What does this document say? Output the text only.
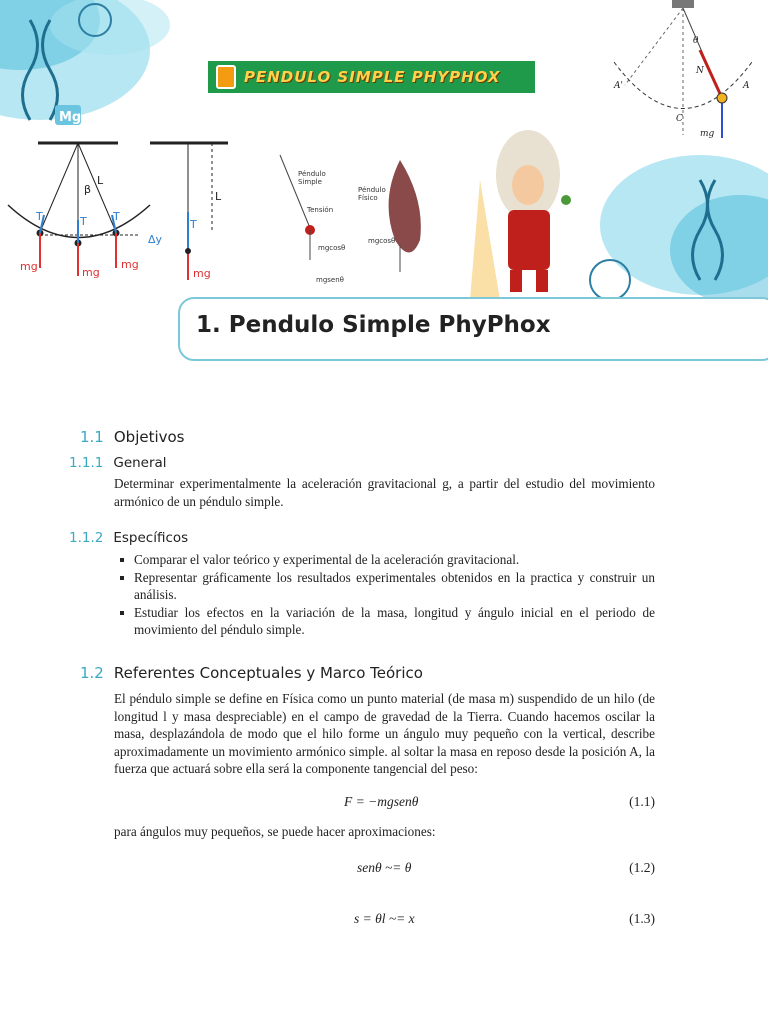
Mg
L
β
T	T T
mg	mg
mg
Δy
L
T
mg
Péndulo
Simple
Tensión
mgcosθ
mgsenθ
Péndulo
Físico
mgcosθ
N
A
A'
C
mg
θ
PENDULO SIMPLE PHYPHOX
1. Pendulo Simple PhyPhox
1.1 Objetivos
1.1.1 General
Determinar experimentalmente la aceleración gravitacional g, a partir del estudio del movimiento armónico de un péndulo simple.
1.1.2 Específicos
Comparar el valor teórico y experimental de la aceleración gravitacional.
Representar gráficamente los resultados experimentales obtenidos en la practica y construir un análisis.
Estudiar los efectos en la variación de la masa, longitud y ángulo inicial en el periodo de movimiento del péndulo simple.
1.2 Referentes Conceptuales y Marco Teórico
El péndulo simple se define en Física como un punto material (de masa m) suspendido de un hilo (de longitud l y masa despreciable) en el campo de gravedad de la Tierra. Cuando hacemos oscilar la masa, desplazándola de modo que el hilo forme un ángulo muy pequeño con la vertical, describe aproximadamente un movimiento armónico simple. al soltar la masa en reposo desde la posición A, la fuerza que actuará sobre ella será la componente tangencial del peso:
F = −mgsenθ	(1.1)
para ángulos muy pequeños, se puede hacer aproximaciones:
senθ ~= θ	(1.2)
s = θl ~= x	(1.3)
